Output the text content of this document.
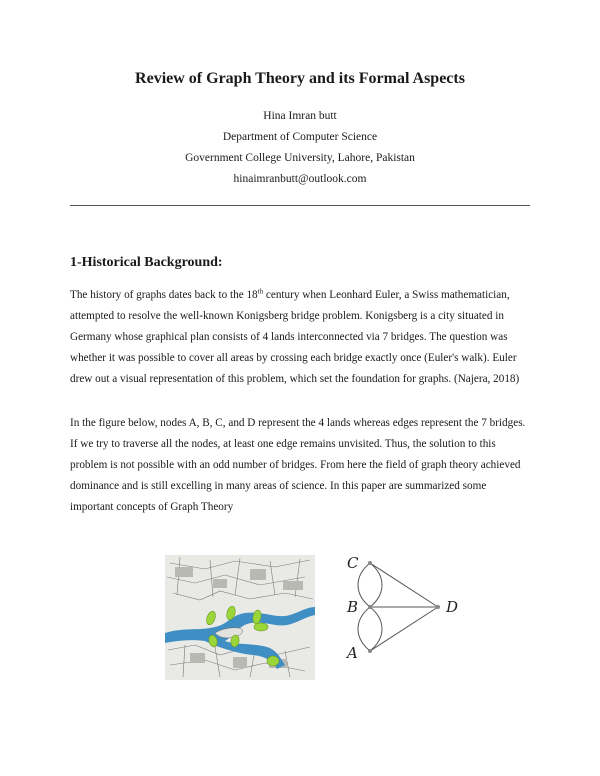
Review of Graph Theory and its Formal Aspects
Hina Imran butt
Department of Computer Science
Government College University, Lahore, Pakistan
hinaimranbutt@outlook.com
1-Historical Background:
The history of graphs dates back to the 18th century when Leonhard Euler, a Swiss mathematician, attempted to resolve the well-known Konigsberg bridge problem. Konigsberg is a city situated in Germany whose graphical plan consists of 4 lands interconnected via 7 bridges. The question was whether it was possible to cover all areas by crossing each bridge exactly once (Euler's walk). Euler drew out a visual representation of this problem, which set the foundation for graphs. (Najera, 2018)
In the figure below, nodes A, B, C, and D represent the 4 lands whereas edges represent the 7 bridges. If we try to traverse all the nodes, at least one edge remains unvisited. Thus, the solution to this problem is not possible with an odd number of bridges. From here the field of graph theory achieved dominance and is still excelling in many areas of science. In this paper are summarized some important concepts of Graph Theory
C
B
A
D
